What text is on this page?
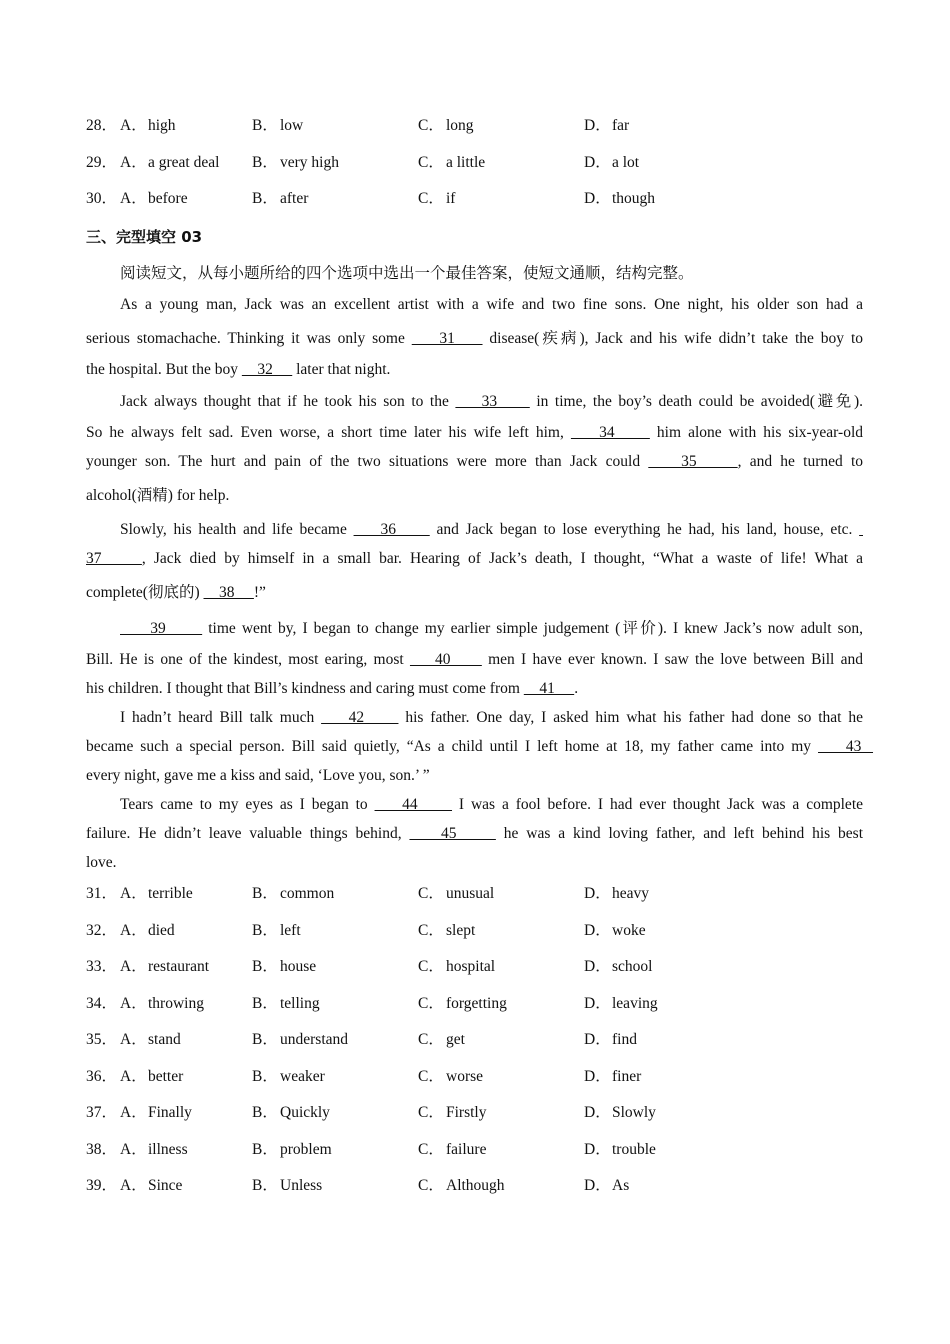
28． A．high	B． low	C． long	D．far
29． A．a great deal B． very high	C． a little	D．a lot
30． A．before	B． after	C． if	D．though
三、完型填空 03
阅读短文，从每小题所给的四个选项中选出一个最佳答案，使短文通顺，结构完整。
As a young man, Jack was an excellent artist with a wife and two fine sons. One night, his older son had a
serious stomachache. Thinking it was only some     31     disease(疾病), Jack and his wife didn’t take the boy to
the hospital. But the boy     32      later that night.
Jack always thought that if he took his son to the     33      in time, the boy’s death could be avoided(避免).
So he always felt sad. Even worse, a short time later his wife left him,     34      him alone with his six-year-old
younger son. The hurt and pain of the two situations were more than Jack could     35     , and he turned to
alcohol(酒精) for help.
Slowly, his health and life became     36      and Jack began to lose everything he had, his land, house, etc.
37     , Jack died by himself in a small bar. Hearing of Jack’s death, I thought, “What a waste of life! What a
complete(彻底的)     38     !”
39       time went by, I began to change my earlier simple judgement (评价). I knew Jack’s now adult son,
Bill. He is one of the kindest, most earing, most     40      men I have ever known. I saw the love between Bill and
his children. I thought that Bill’s kindness and caring must come from     41     .
I hadn’t heard Bill talk much     42      his father. One day, I asked him what his father had done so that he
became such a special person. Bill said quietly, “As a child until I left home at 18, my father came into my     43
every night, gave me a kiss and said, ‘Love you, son.’ ”
Tears came to my eyes as I began to     44      I was a fool before. I had ever thought Jack was a complete
failure. He didn’t leave valuable things behind,     45      he was a kind loving father, and left behind his best
love.
31． A．terrible	B． common	C． unusual	D．heavy
32． A．died	B． left	C． slept	D．woke
33． A．restaurant	B． house	C． hospital	D．school
34． A．throwing	B． telling	C． forgetting	D．leaving
35． A．stand	B． understand	C． get	D．find
36． A．better	B． weaker	C． worse	D．finer
37． A．Finally	B． Quickly	C． Firstly	D．Slowly
38． A．illness	B． problem	C． failure	D．trouble
39． A．Since	B． Unless	C． Although	D．As
